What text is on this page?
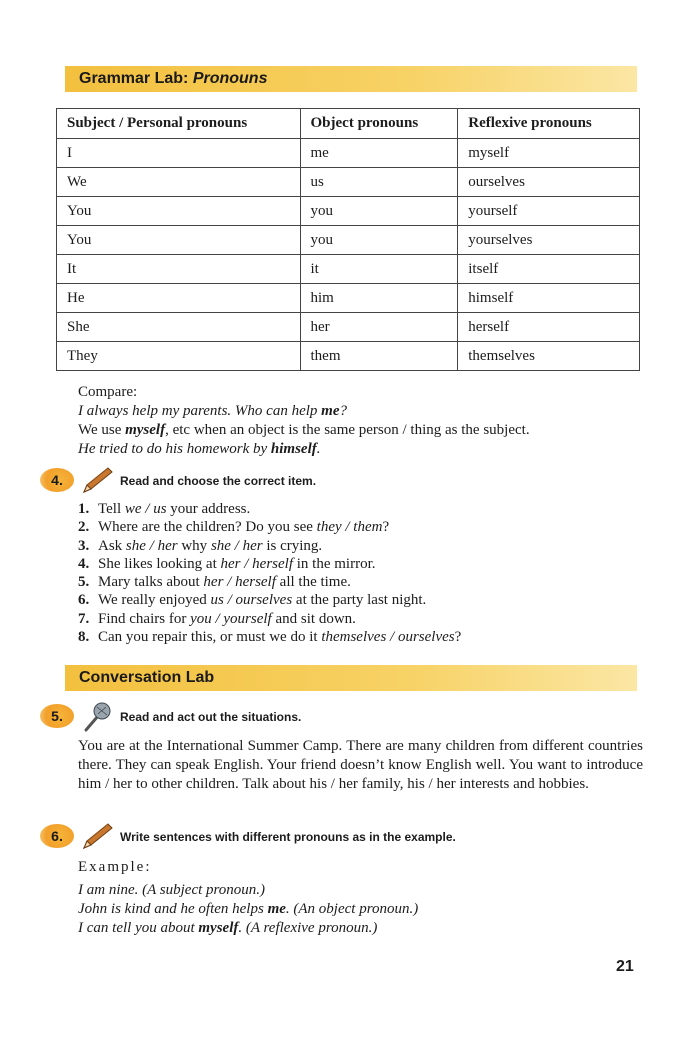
Grammar Lab: Pronouns
Subject / Personal pronouns	Object pronouns	Reflexive pronouns
I	me	myself
We	us	ourselves
You	you	yourself
You	you	yourselves
It	it	itself
He	him	himself
She	her	herself
They	them	themselves

Compare:

I always help my parents. Who can help me?

We use myself, etc when an object is the same person / thing as the subject.

He tried to do his homework by himself.

4.	Read and choose the correct item.
1. Tell we / us your address.
2. Where are the children? Do you see they / them?
3. Ask she / her why she / her is crying.
4. She likes looking at her / herself in the mirror.
5. Mary talks about her / herself all the time.
6. We really enjoyed us / ourselves at the party last night.
7. Find chairs for you / yourself and sit down.
8. Can you repair this, or must we do it themselves / ourselves?
Conversation Lab
5.	Read and act out the situations.

You are at the International Summer Camp. There are many children from different countries there. They can speak English. Your friend doesn’t know English well. You want to introduce him / her to other children. Talk about his / her family, his / her interests and hobbies.

6.	Write sentences with different pronouns as in the example.

Example:

I am nine. (A subject pronoun.)

John is kind and he often helps me. (An object pronoun.)

I can tell you about myself. (A reflexive pronoun.)

21
